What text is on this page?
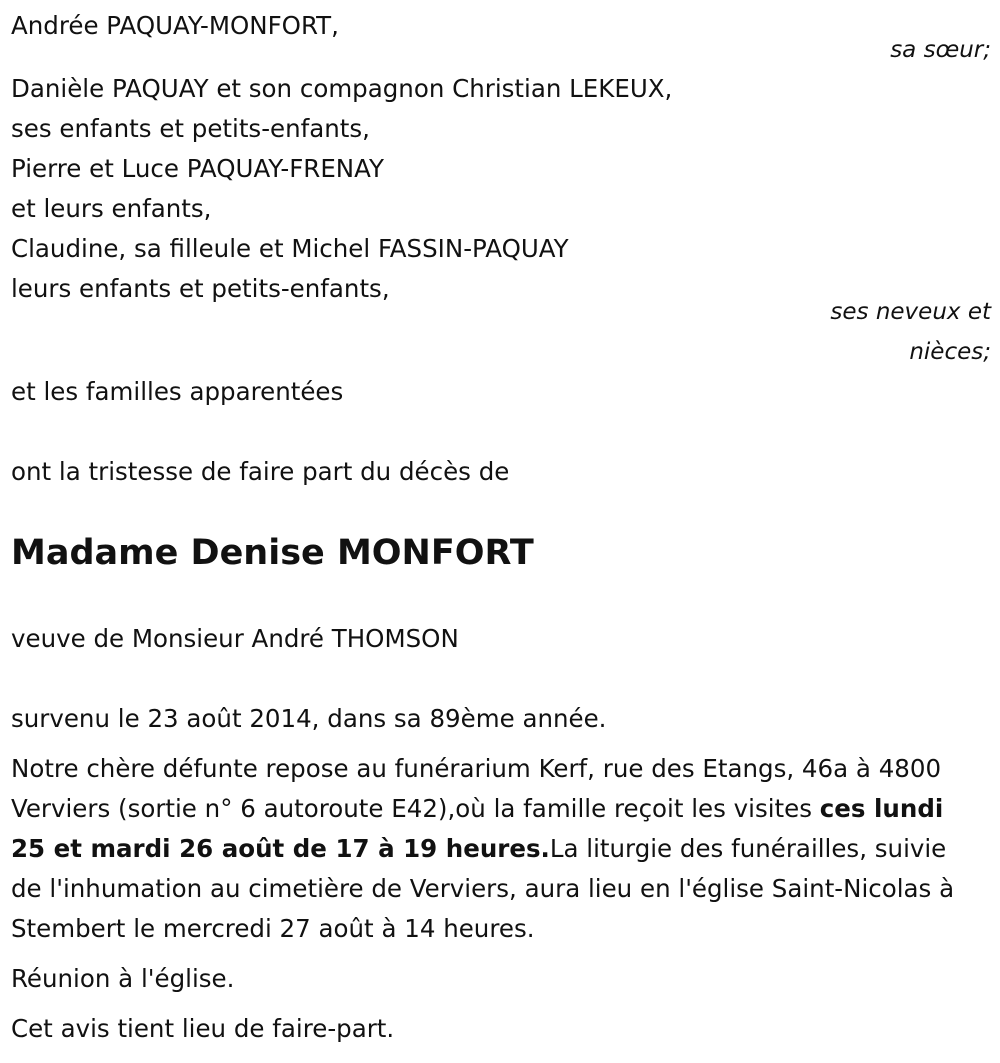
Andrée PAQUAY-MONFORT,
sa sœur;
Danièle PAQUAY et son compagnon Christian LEKEUX,
ses enfants et petits-enfants,
Pierre et Luce PAQUAY-FRENAY
et leurs enfants,
Claudine, sa filleule et Michel FASSIN-PAQUAY
leurs enfants et petits-enfants,
ses neveux et
nièces;
et les familles apparentées
ont la tristesse de faire part du décès de
Madame Denise MONFORT
veuve de Monsieur André THOMSON
survenu le 23 août 2014, dans sa 89ème année.
Notre chère défunte repose au funérarium Kerf, rue des Etangs, 46a à 4800 Verviers (sortie n° 6 autoroute E42),où la famille reçoit les visites ces lundi 25 et mardi 26 août de 17 à 19 heures.La liturgie des funérailles, suivie de l'inhumation au cimetière de Verviers, aura lieu en l'église Saint-Nicolas à Stembert le mercredi 27 août à 14 heures.
Réunion à l'église.
Cet avis tient lieu de faire-part.
